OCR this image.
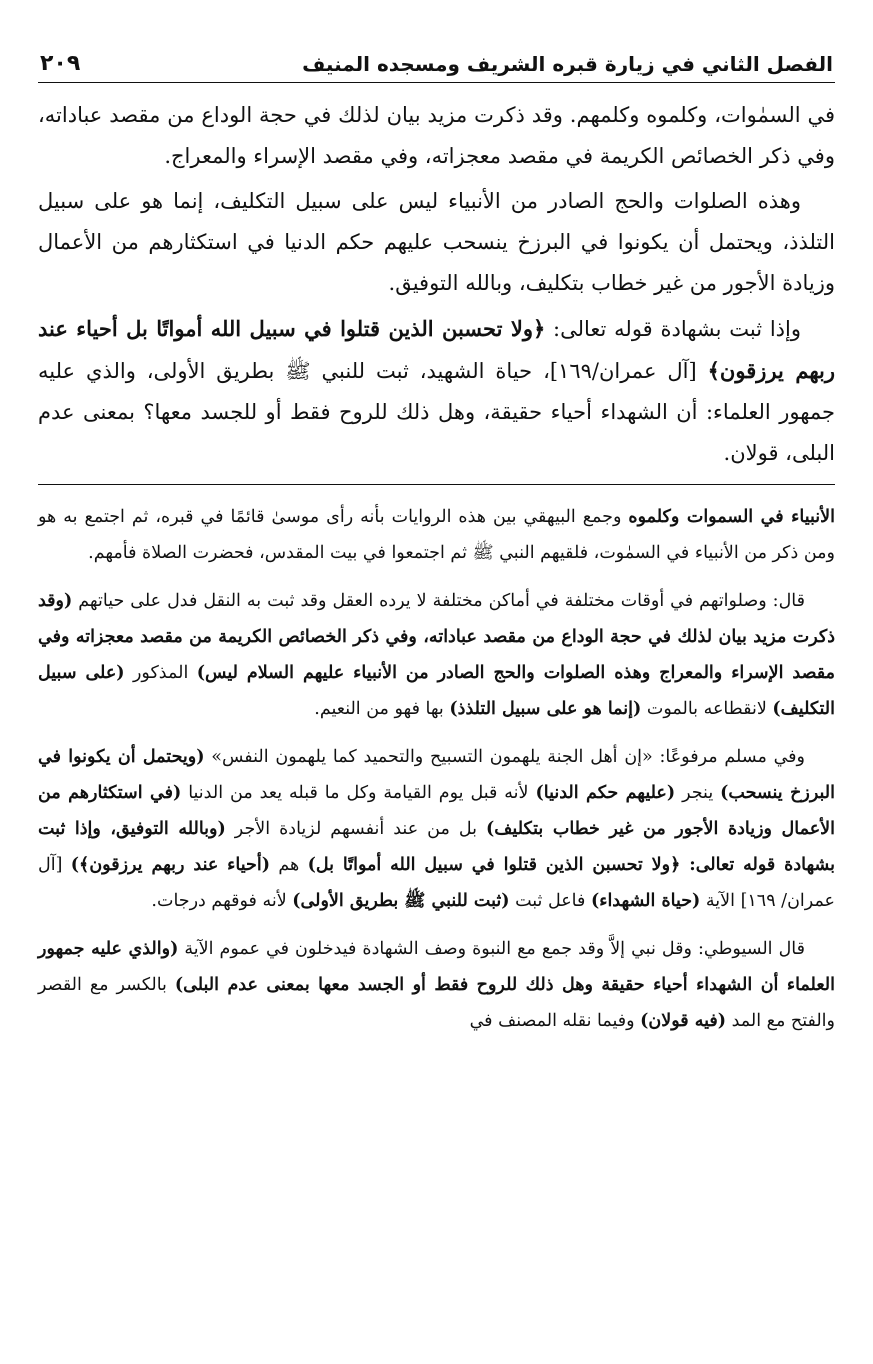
الفصل الثاني في زيارة قبره الشريف ومسجده المنيف
٢٠٩

في السمٰوات، وكلموه وكلمهم. وقد ذكرت مزيد بيان لذلك في حجة الوداع من مقصد عباداته، وفي ذكر الخصائص الكريمة في مقصد معجزاته، وفي مقصد الإسراء والمعراج.

وهذه الصلوات والحج الصادر من الأنبياء ليس على سبيل التكليف، إنما هو على سبيل التلذذ، ويحتمل أن يكونوا في البرزخ ينسحب عليهم حكم الدنيا في استكثارهم من الأعمال وزيادة الأجور من غير خطاب بتكليف، وبالله التوفيق.

وإذا ثبت بشهادة قوله تعالى: ﴿ولا تحسبن الذين قتلوا في سبيل الله أمواتًا بل أحياء عند ربهم يرزقون﴾ [آل عمران/١٦٩]، حياة الشهيد، ثبت للنبي ﷺ بطريق الأولى، والذي عليه جمهور العلماء: أن الشهداء أحياء حقيقة، وهل ذلك للروح فقط أو للجسد معها؟ بمعنى عدم البلى، قولان.

الأنبياء في السموات وكلموه وجمع البيهقي بين هذه الروايات بأنه رأى موسىٰ قائمًا في قبره، ثم اجتمع به هو ومن ذكر من الأنبياء في السمٰوت، فلقيهم النبي ﷺ ثم اجتمعوا في بيت المقدس، فحضرت الصلاة فأمهم.

قال: وصلواتهم في أوقات مختلفة في أماكن مختلفة لا يرده العقل وقد ثبت به النقل فدل على حياتهم (وقد ذكرت مزيد بيان لذلك في حجة الوداع من مقصد عباداته، وفي ذكر الخصائص الكريمة من مقصد معجزاته وفي مقصد الإسراء والمعراج وهذه الصلوات والحج الصادر من الأنبياء عليهم السلام ليس) المذكور (على سبيل التكليف) لانقطاعه بالموت (إنما هو على سبيل التلذذ) بها فهو من النعيم.

وفي مسلم مرفوعًا: «إن أهل الجنة يلهمون التسبيح والتحميد كما يلهمون النفس» (ويحتمل أن يكونوا في البرزخ ينسحب) ينجر (عليهم حكم الدنيا) لأنه قبل يوم القيامة وكل ما قبله يعد من الدنيا (في استكثارهم من الأعمال وزيادة الأجور من غير خطاب بتكليف) بل من عند أنفسهم لزيادة الأجر (وبالله التوفيق، وإذا ثبت بشهادة قوله تعالى: ﴿ولا تحسبن الذين قتلوا في سبيل الله أمواتًا بل) هم (أحياء عند ربهم يرزقون﴾) [آل عمران/ ١٦٩] الآية (حياة الشهداء) فاعل ثبت (ثبت للنبي ﷺ بطريق الأولى) لأنه فوقهم درجات.

قال السيوطي: وقل نبي إلاَّ وقد جمع مع النبوة وصف الشهادة فيدخلون في عموم الآية (والذي عليه جمهور العلماء أن الشهداء أحياء حقيقة وهل ذلك للروح فقط أو الجسد معها بمعنى عدم البلى) بالكسر مع القصر والفتح مع المد (فيه قولان) وفيما نقله المصنف في
